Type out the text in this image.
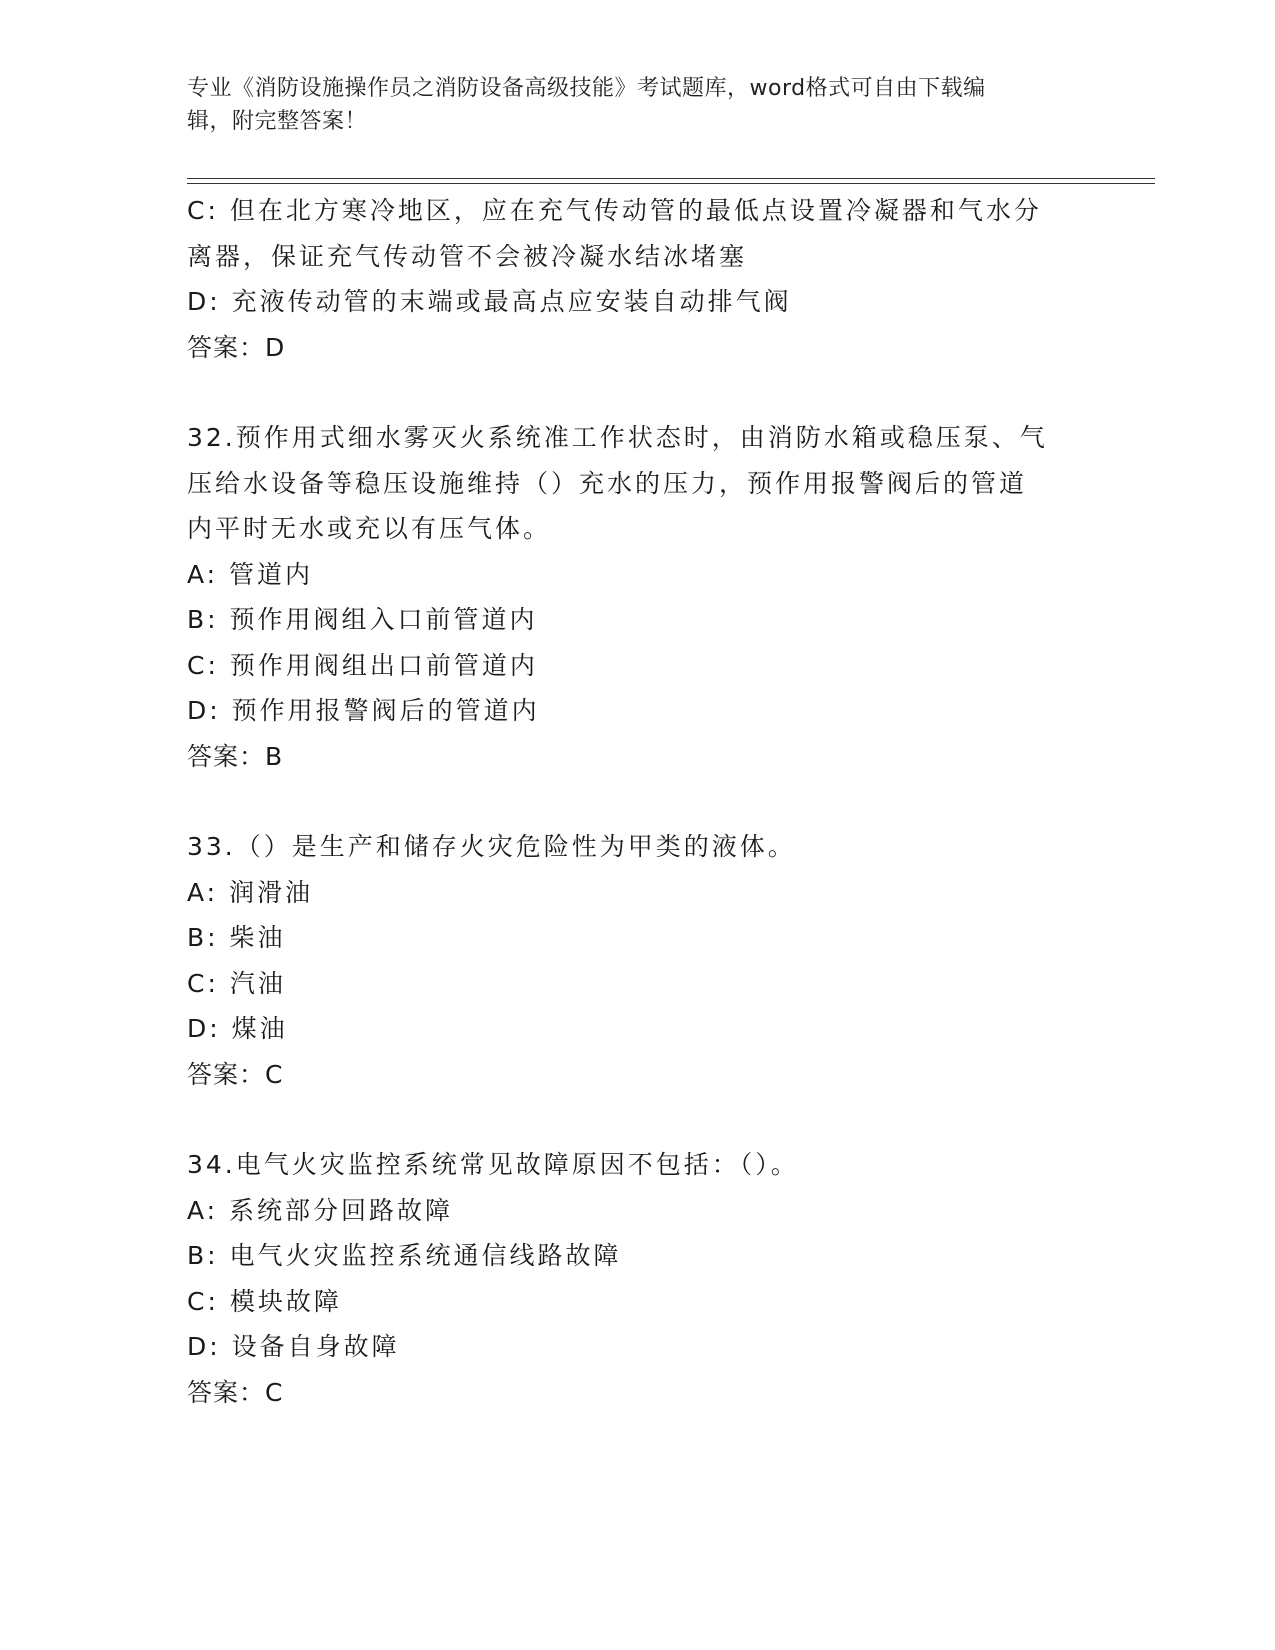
专业《消防设施操作员之消防设备高级技能》考试题库，word格式可自由下载编
辑，附完整答案！
C: 但在北方寒冷地区，应在充气传动管的最低点设置冷凝器和气水分
离器，保证充气传动管不会被冷凝水结冰堵塞
D: 充液传动管的末端或最高点应安装自动排气阀
答案：D
32.预作用式细水雾灭火系统准工作状态时，由消防水箱或稳压泵、气
压给水设备等稳压设施维持（）充水的压力，预作用报警阀后的管道
内平时无水或充以有压气体。
A: 管道内
B: 预作用阀组入口前管道内
C: 预作用阀组出口前管道内
D: 预作用报警阀后的管道内
答案：B
33.（）是生产和储存火灾危险性为甲类的液体。
A: 润滑油
B: 柴油
C: 汽油
D: 煤油
答案：C
34.电气火灾监控系统常见故障原因不包括：（）。
A: 系统部分回路故障
B: 电气火灾监控系统通信线路故障
C: 模块故障
D: 设备自身故障
答案：C
